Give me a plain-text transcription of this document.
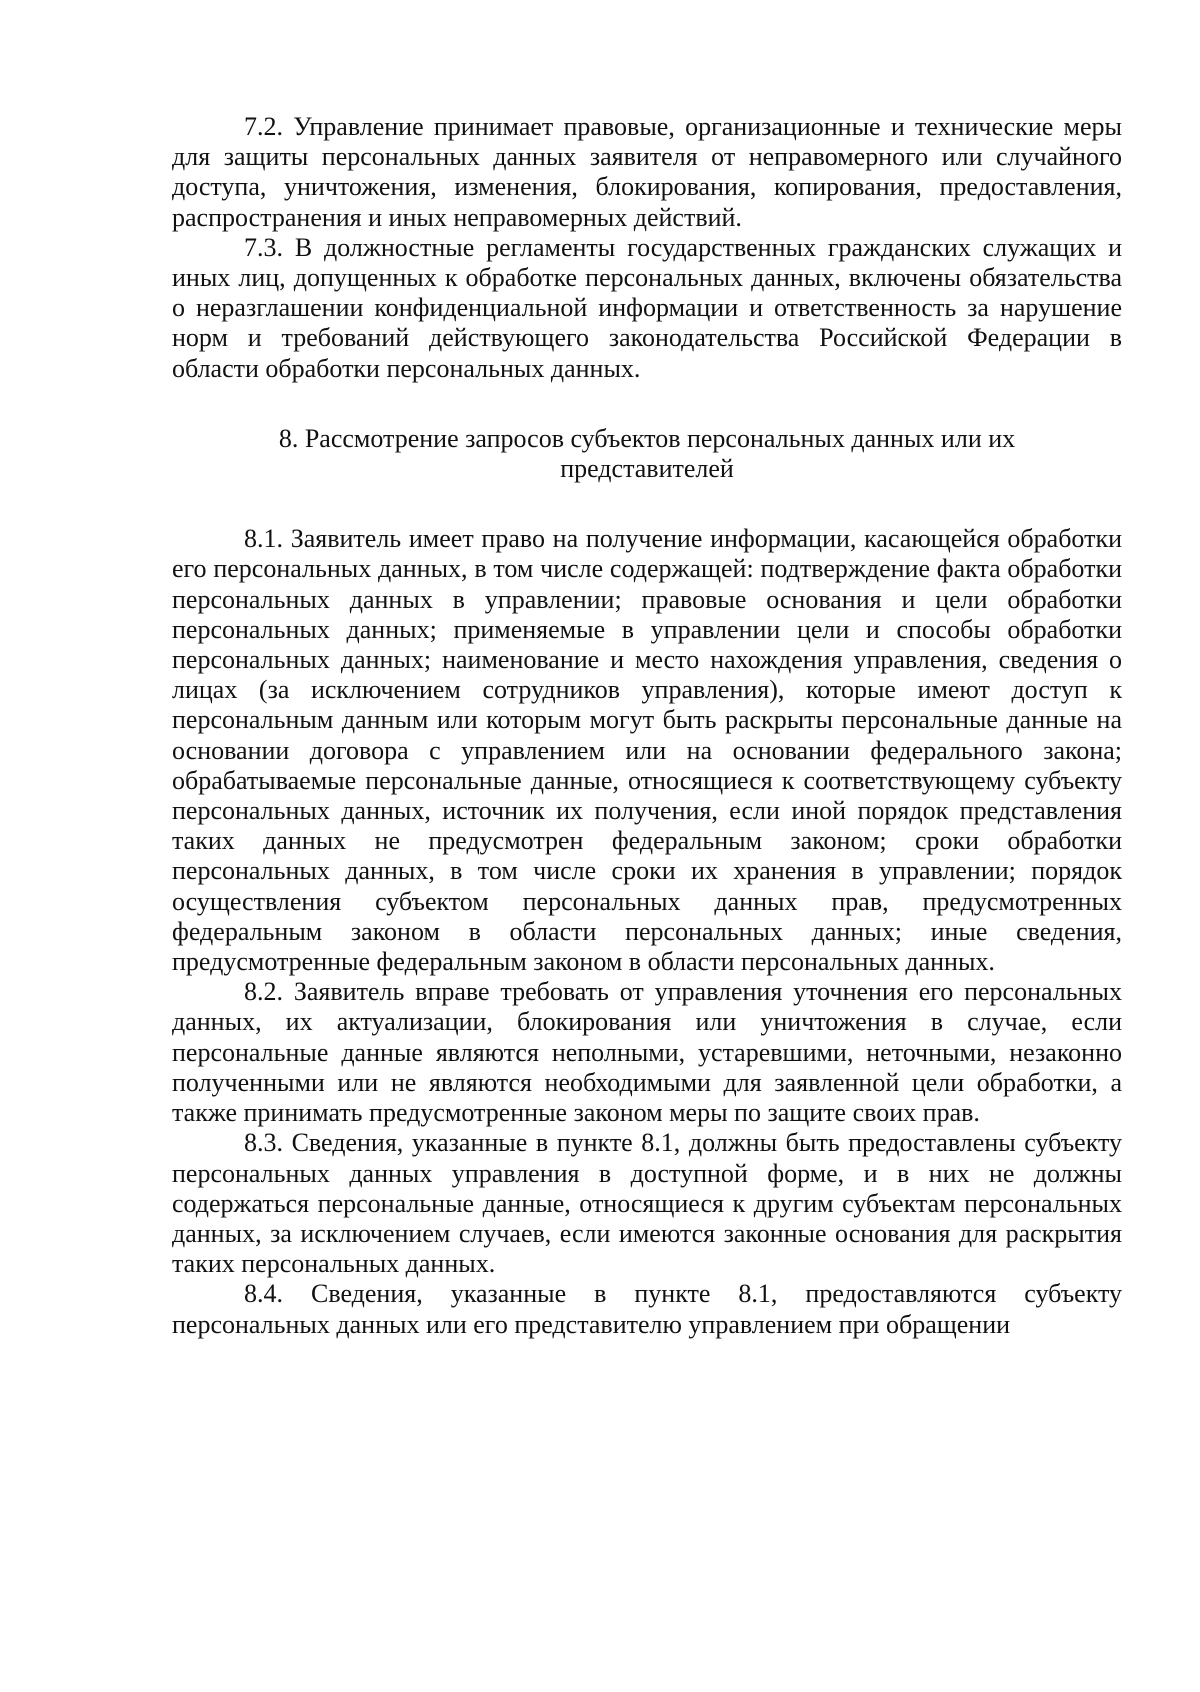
7.2. Управление принимает правовые, организационные и технические меры для защиты персональных данных заявителя от неправомерного или случайного доступа, уничтожения, изменения, блокирования, копирования, предоставления, распространения и иных неправомерных действий.

7.3. В должностные регламенты государственных гражданских служащих и иных лиц, допущенных к обработке персональных данных, включены обязательства о неразглашении конфиденциальной информации и ответственность за нарушение норм и требований действующего законодательства Российской Федерации в области обработки персональных данных.

8. Рассмотрение запросов субъектов персональных данных или их представителей

8.1. Заявитель имеет право на получение информации, касающейся обработки его персональных данных, в том числе содержащей: подтверждение факта обработки персональных данных в управлении; правовые основания и цели обработки персональных данных; применяемые в управлении цели и способы обработки персональных данных; наименование и место нахождения управления, сведения о лицах (за исключением сотрудников управления), которые имеют доступ к персональным данным или которым могут быть раскрыты персональные данные на основании договора с управлением или на основании федерального закона; обрабатываемые персональные данные, относящиеся к соответствующему субъекту персональных данных, источник их получения, если иной порядок представления таких данных не предусмотрен федеральным законом; сроки обработки персональных данных, в том числе сроки их хранения в управлении; порядок осуществления субъектом персональных данных прав, предусмотренных федеральным законом в области персональных данных; иные сведения, предусмотренные федеральным законом в области персональных данных.

8.2. Заявитель вправе требовать от управления уточнения его персональных данных, их актуализации, блокирования или уничтожения в случае, если персональные данные являются неполными, устаревшими, неточными, незаконно полученными или не являются необходимыми для заявленной цели обработки, а также принимать предусмотренные законом меры по защите своих прав.

8.3. Сведения, указанные в пункте 8.1, должны быть предоставлены субъекту персональных данных управления в доступной форме, и в них не должны содержаться персональные данные, относящиеся к другим субъектам персональных данных, за исключением случаев, если имеются законные основания для раскрытия таких персональных данных.

8.4. Сведения, указанные в пункте 8.1, предоставляются субъекту персональных данных или его представителю управлением при обращении
